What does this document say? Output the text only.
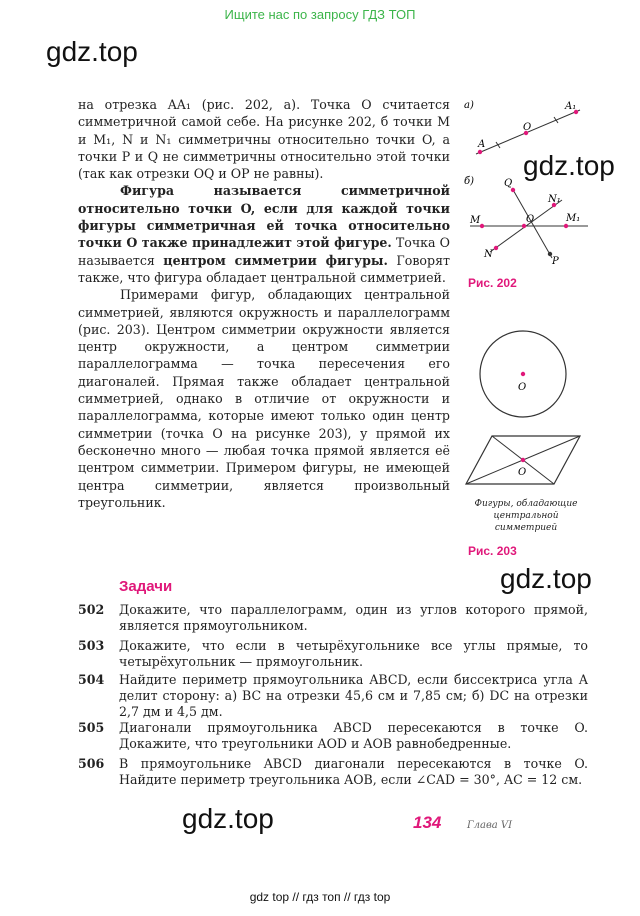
Ищите нас по запросу ГДЗ ТОП
gdz.top
gdz.top
gdz.top
gdz.top

на отрезка AA₁ (рис. 202, а). Точка O считается симметричной самой себе. На рисунке 202, б точки M и M₁, N и N₁ симметричны относительно точки O, а точки P и Q не симметричны относительно этой точки (так как отрезки OQ и OP не равны).

Фигура называется симметричной относительно точки O, если для каждой точки фигуры симметричная ей точка относительно точки O также принадлежит этой фигуре. Точка O называется центром симметрии фигуры. Говорят также, что фигура обладает центральной симметрией.

Примерами фигур, обладающих центральной симметрией, являются окружность и параллелограмм (рис. 203). Центром симметрии окружности является центр окружности, а центром симметрии параллелограмма — точка пересечения его диагоналей. Прямая также обладает центральной симметрией, однако в отличие от окружности и параллелограмма, которые имеют только один центр симметрии (точка O на рисунке 203), у прямой их бесконечно много — любая точка прямой является её центром симметрии. Примером фигуры, не имеющей центра симметрии, является произвольный треугольник.

а)
A
O
A₁
б)	Q
N₁
M	O	M₁
N
P
Рис. 202
O
O
Фигуры, обладающие центральной симметрией
Рис. 203
Задачи
502	Докажите, что параллелограмм, один из углов которого прямой, является прямоугольником.
503	Докажите, что если в четырёхугольнике все углы прямые, то четырёхугольник — прямоугольник.
504	Найдите периметр прямоугольника ABCD, если биссектриса угла A делит сторону: а) BC на отрезки 45,6 см и 7,85 см; б) DC на отрезки 2,7 дм и 4,5 дм.
505	Диагонали прямоугольника ABCD пересекаются в точке O. Докажите, что треугольники AOD и AOB равнобедренные.
506	В прямоугольнике ABCD диагонали пересекаются в точке O. Найдите периметр треугольника AOB, если ∠CAD = 30°, AC = 12 см.
134	Глава VI
gdz top // гдз топ // гдз top
